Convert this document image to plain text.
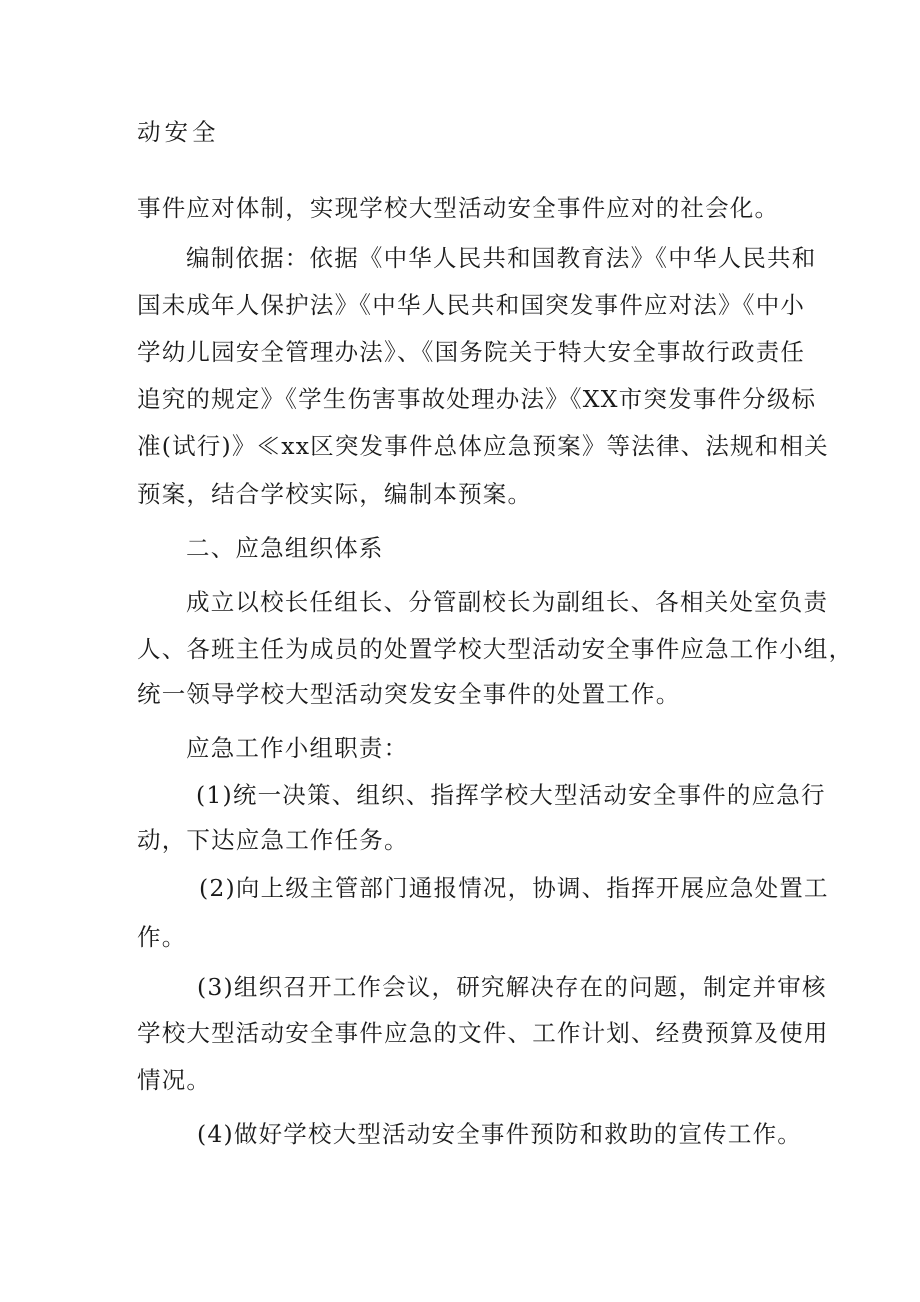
动安全

事件应对体制，实现学校大型活动安全事件应对的社会化。

编制依据：依据《中华人民共和国教育法》《中华人民共和

国未成年人保护法》《中华人民共和国突发事件应对法》《中小

学幼儿园安全管理办法》、《国务院关于特大安全事故行政责任

追究的规定》《学生伤害事故处理办法》《XX市突发事件分级标

准(试行)》≪xx区突发事件总体应急预案》等法律、法规和相关

预案，结合学校实际，编制本预案。

二、应急组织体系

成立以校长任组长、分管副校长为副组长、各相关处室负责

人、各班主任为成员的处置学校大型活动安全事件应急工作小组，

统一领导学校大型活动突发安全事件的处置工作。

应急工作小组职责：

(1)统一决策、组织、指挥学校大型活动安全事件的应急行

动，下达应急工作任务。

(2)向上级主管部门通报情况，协调、指挥开展应急处置工

作。

(3)组织召开工作会议，研究解决存在的问题，制定并审核

学校大型活动安全事件应急的文件、工作计划、经费预算及使用

情况。

(4)做好学校大型活动安全事件预防和救助的宣传工作。
